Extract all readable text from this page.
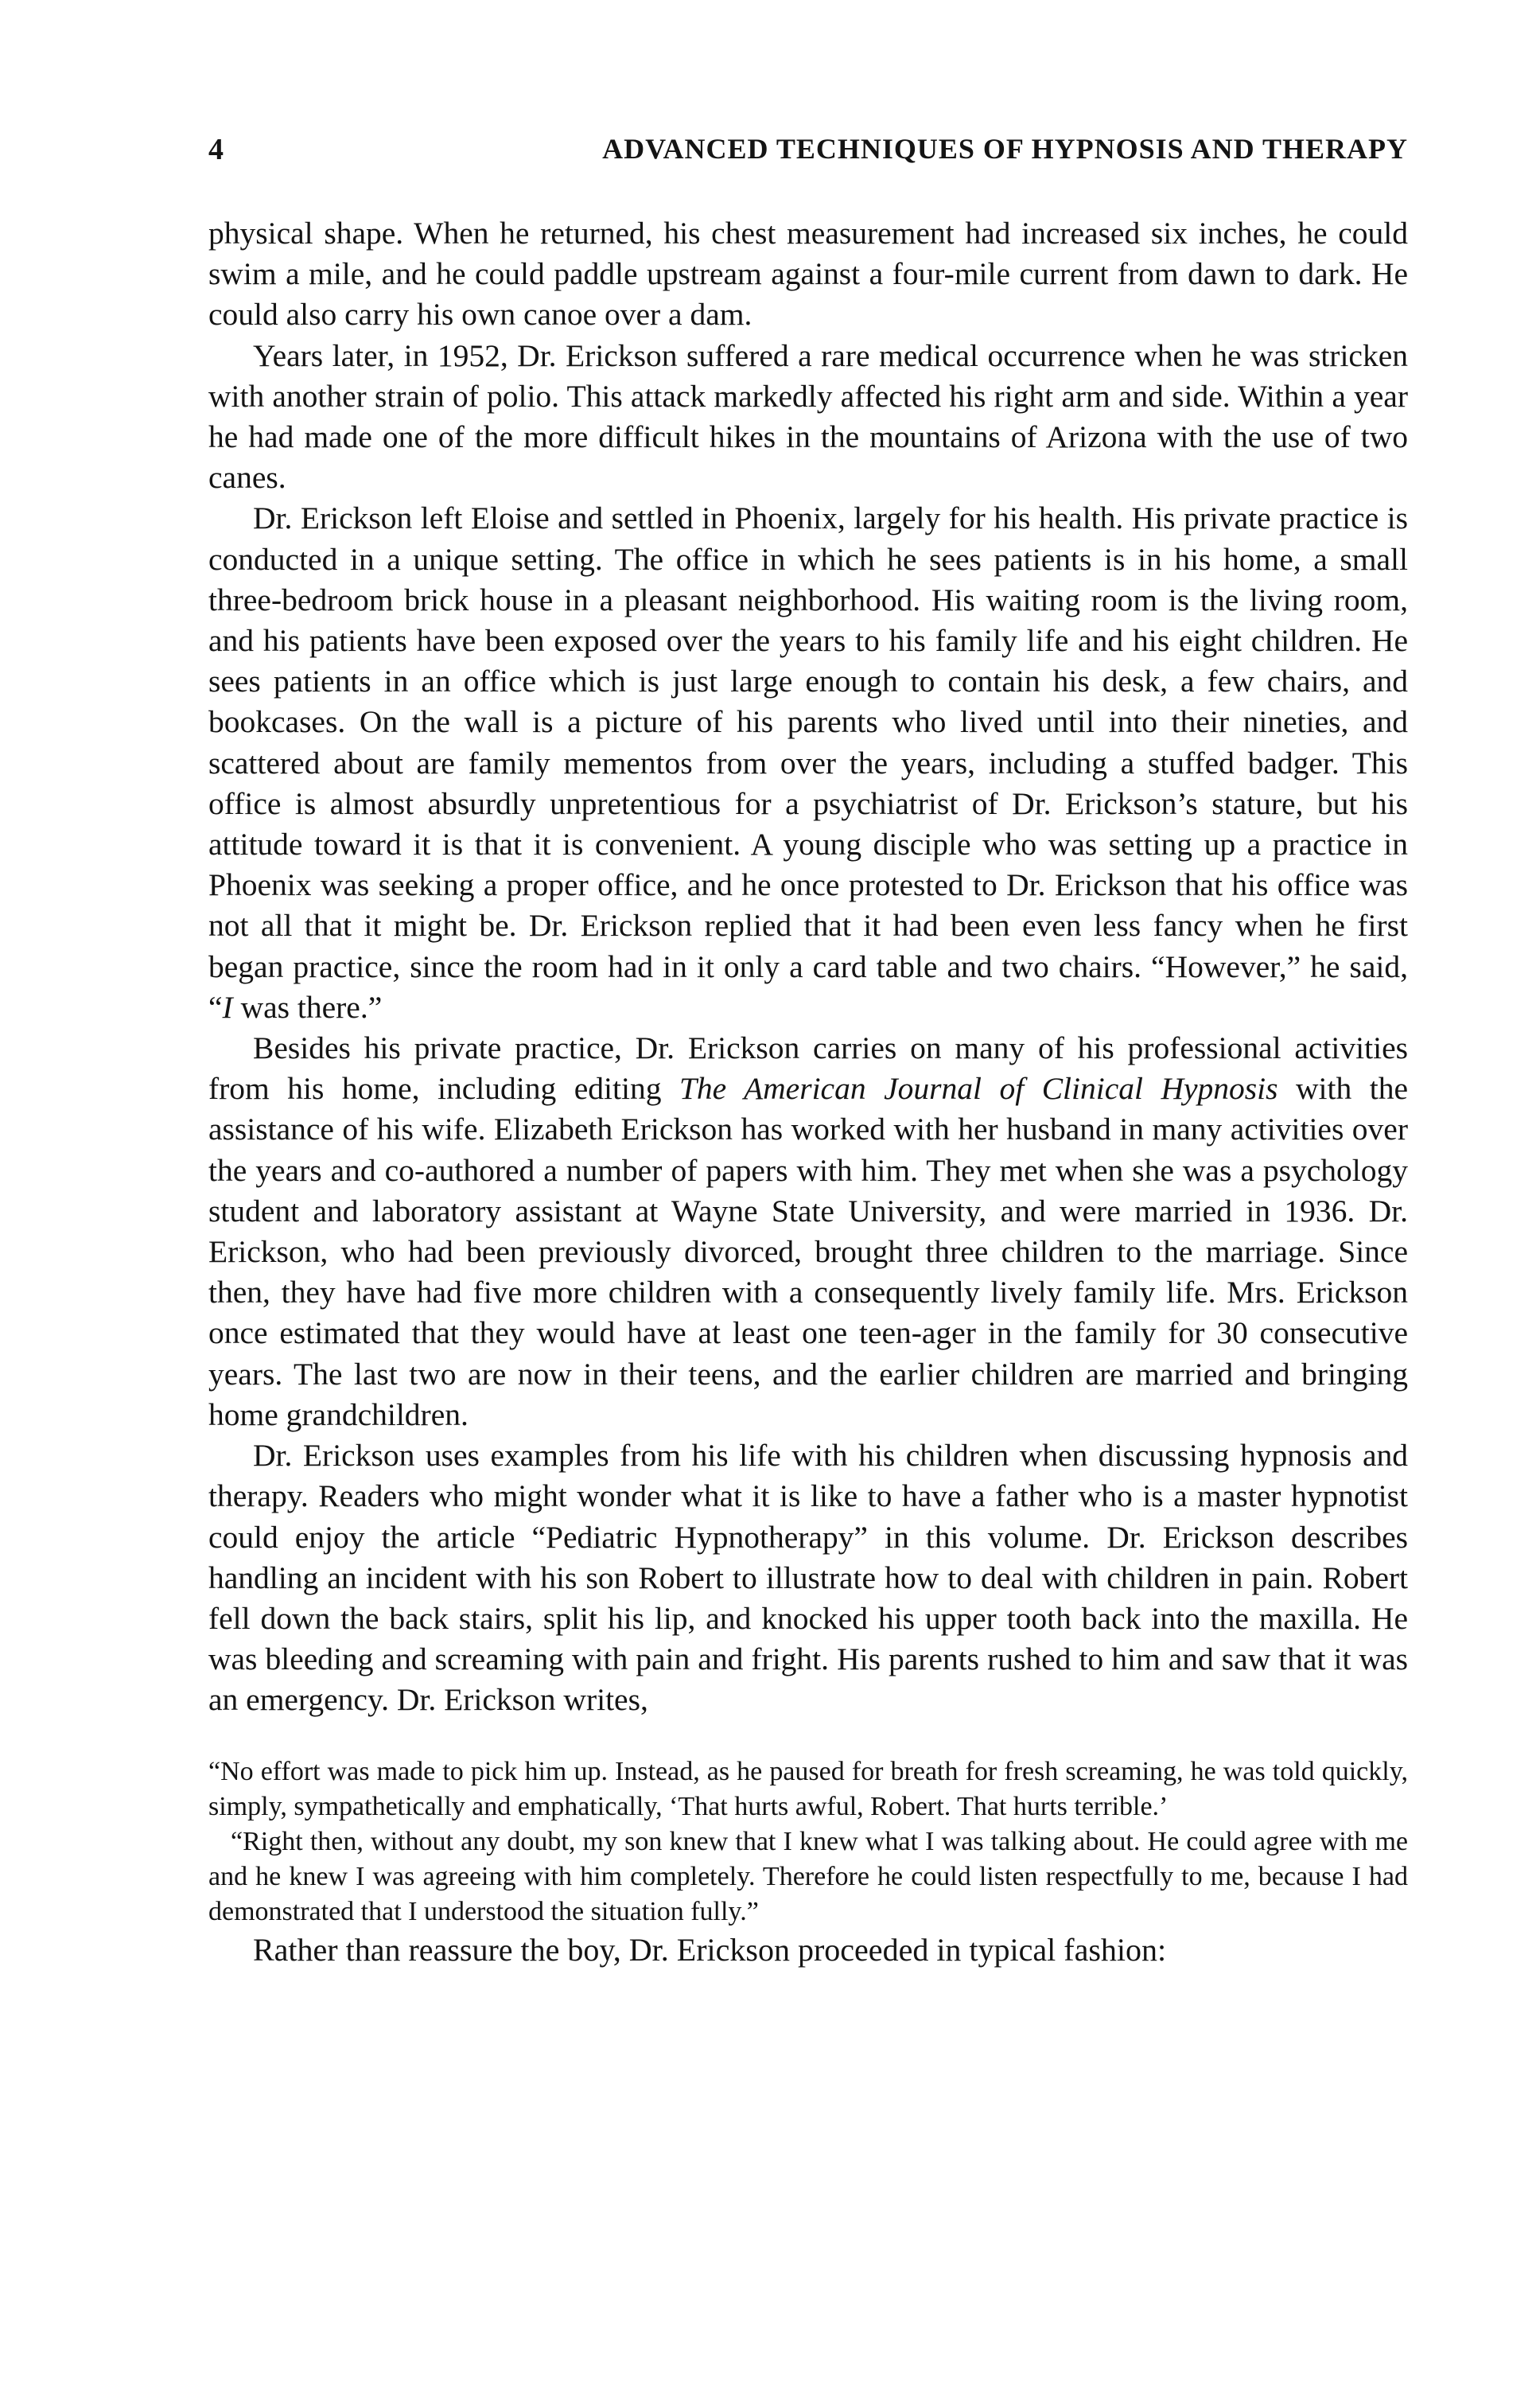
4	ADVANCED TECHNIQUES OF HYPNOSIS AND THERAPY

physical shape. When he returned, his chest measurement had increased six inches, he could swim a mile, and he could paddle upstream against a four-mile current from dawn to dark. He could also carry his own canoe over a dam.

Years later, in 1952, Dr. Erickson suffered a rare medical occurrence when he was stricken with another strain of polio. This attack markedly affected his right arm and side. Within a year he had made one of the more difficult hikes in the mountains of Arizona with the use of two canes.

Dr. Erickson left Eloise and settled in Phoenix, largely for his health. His private practice is conducted in a unique setting. The office in which he sees patients is in his home, a small three-bedroom brick house in a pleasant neighborhood. His waiting room is the living room, and his patients have been exposed over the years to his family life and his eight children. He sees patients in an office which is just large enough to contain his desk, a few chairs, and bookcases. On the wall is a picture of his parents who lived until into their nineties, and scattered about are family mementos from over the years, including a stuffed badger. This office is almost absurdly unpretentious for a psychiatrist of Dr. Erickson’s stature, but his attitude toward it is that it is convenient. A young disciple who was setting up a practice in Phoenix was seeking a proper office, and he once protested to Dr. Erickson that his office was not all that it might be. Dr. Erickson replied that it had been even less fancy when he first began practice, since the room had in it only a card table and two chairs. “However,” he said, “I was there.”

Besides his private practice, Dr. Erickson carries on many of his professional activities from his home, including editing The American Journal of Clinical Hypnosis with the assistance of his wife. Elizabeth Erickson has worked with her husband in many activities over the years and co-authored a number of papers with him. They met when she was a psychology student and laboratory assistant at Wayne State University, and were married in 1936. Dr. Erickson, who had been previously divorced, brought three children to the marriage. Since then, they have had five more children with a consequently lively family life. Mrs. Erickson once estimated that they would have at least one teen-ager in the family for 30 consecutive years. The last two are now in their teens, and the earlier children are married and bringing home grandchildren.

Dr. Erickson uses examples from his life with his children when discussing hypnosis and therapy. Readers who might wonder what it is like to have a father who is a master hypnotist could enjoy the article “Pediatric Hypnotherapy” in this volume. Dr. Erickson describes handling an incident with his son Robert to illustrate how to deal with children in pain. Robert fell down the back stairs, split his lip, and knocked his upper tooth back into the maxilla. He was bleeding and screaming with pain and fright. His parents rushed to him and saw that it was an emergency. Dr. Erickson writes,

“No effort was made to pick him up. Instead, as he paused for breath for fresh screaming, he was told quickly, simply, sympathetically and emphatically, ‘That hurts awful, Robert. That hurts terrible.’

“Right then, without any doubt, my son knew that I knew what I was talking about. He could agree with me and he knew I was agreeing with him completely. Therefore he could listen respectfully to me, because I had demonstrated that I understood the situation fully.”

Rather than reassure the boy, Dr. Erickson proceeded in typical fashion:
